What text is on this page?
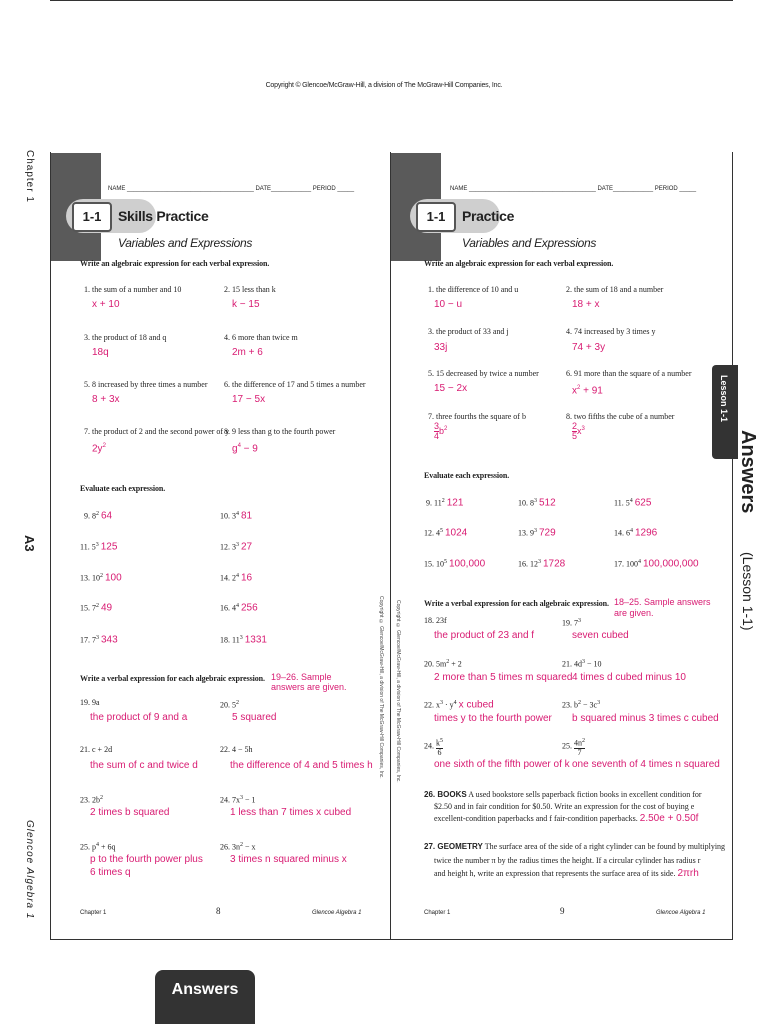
Copyright © Glencoe/McGraw-Hill, a division of The McGraw-Hill Companies, Inc.
Chapter 1
A3
Glencoe Algebra 1
Lesson 1-1
Answers
(Lesson 1-1)
Answers
Copyright © Glencoe/McGraw-Hill, a division of The McGraw-Hill Companies, Inc. Copyright © Glencoe/McGraw-Hill, a division of The McGraw-Hill Companies, Inc.
1-1
NAME ______________________________________ DATE____________ PERIOD _____
Skills Practice
Variables and Expressions
Write an algebraic expression for each verbal expression.
1. the sum of a number and 10
x + 10
2. 15 less than k
k − 15
3. the product of 18 and q
18q
4. 6 more than twice m
2m + 6
5. 8 increased by three times a number
8 + 3x
6. the difference of 17 and 5 times a number
17 − 5x
7. the product of 2 and the second power of y
$2y^2$
8. 9 less than g to the fourth power
$g^4 - 9$
Evaluate each expression.
9. $8^2$ 64	10. $3^4$ 81
11. $5^3$ 125	12. $3^3$ 27
13. $10^2$ 100	14. $2^4$ 16
15. $7^2$ 49	16. $4^4$ 256
17. $7^3$ 343	18. $11^3$ 1331
Write a verbal expression for each algebraic expression. 19–26. Sample answers are given.
19. 9a
the product of 9 and a
20. $5^2$
5 squared
21. c + 2d
the sum of c and twice d
22. 4 − 5h
the difference of 4 and 5 times h
23. $2b^2$
2 times b squared
24. $7x^3 - 1$
1 less than 7 times x cubed
25. $p^4 + 6q$
p to the fourth power plus
6 times q
26. $3n^2 - x$
3 times n squared minus x
Chapter 1	8	Glencoe Algebra 1
1-1
NAME ______________________________________ DATE____________ PERIOD _____
Practice
Variables and Expressions
Write an algebraic expression for each verbal expression.
1. the difference of 10 and u
10 − u
2. the sum of 18 and a number
18 + x
3. the product of 33 and j
33j
4. 74 increased by 3 times y
74 + 3y
5. 15 decreased by twice a number
15 − 2x
6. 91 more than the square of a number
$x^2 + 91$
7. three fourths the square of b
$\frac{3}{4} b^2$
8. two fifths the cube of a number
$\frac{2}{5} x^3$
Evaluate each expression.
9. $11^2$ 121	10. $8^3$ 512	11. $5^4$ 625
12. $4^5$ 1024	13. $9^3$ 729	14. $6^4$ 1296
15. $10^5$ 100,000	16. $12^3$ 1728	17. $100^4$ 100,000,000
Write a verbal expression for each algebraic expression. 18–25. Sample answers are given.
18. 23f
the product of 23 and f
19. $7^3$
seven cubed
20. $5m^2 + 2$
2 more than 5 times m squared
21. $4d^3 - 10$
4 times d cubed minus 10
22. $x^3 \cdot y^4$ x cubed
times y to the fourth power
23. $b^2 - 3c^3$
b squared minus 3 times c cubed
24. $\frac{k^5}{6}$
one sixth of the fifth power of k
25. $\frac{4n^2}{7}$
one seventh of 4 times n squared
26. BOOKS A used bookstore sells paperback fiction books in excellent condition for
$2.50 and in fair condition for $0.50. Write an expression for the cost of buying e
excellent-condition paperbacks and f fair-condition paperbacks. 2.50e + 0.50f
27. GEOMETRY The surface area of the side of a right cylinder can be found by multiplying
twice the number π by the radius times the height. If a circular cylinder has radius r
and height h, write an expression that represents the surface area of its side. 2πrh
Chapter 1	9	Glencoe Algebra 1
